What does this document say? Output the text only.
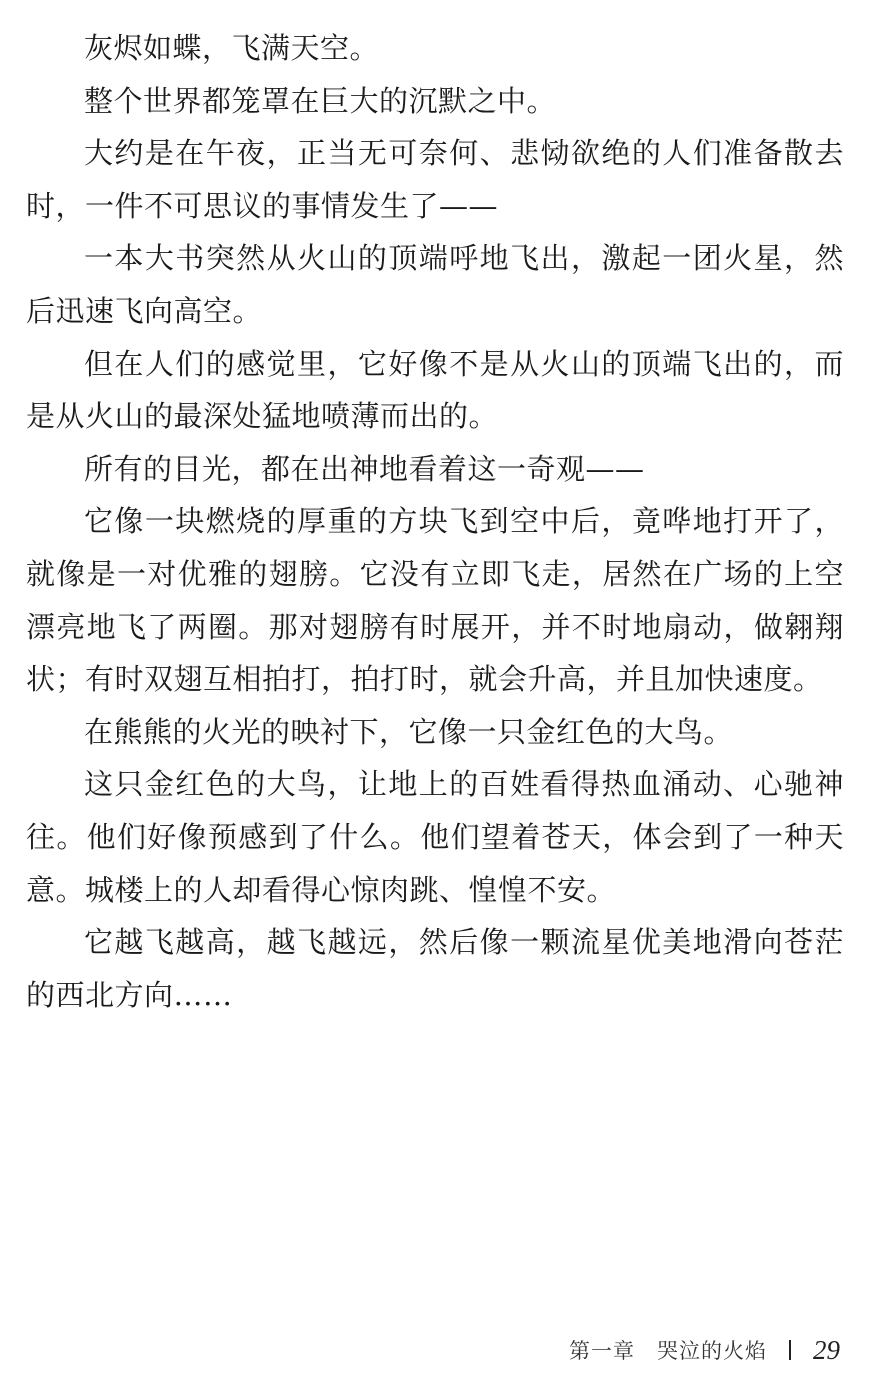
灰烬如蝶，飞满天空。

整个世界都笼罩在巨大的沉默之中。

大约是在午夜，正当无可奈何、悲恸欲绝的人们准备散去时，一件不可思议的事情发生了——

一本大书突然从火山的顶端呼地飞出，激起一团火星，然后迅速飞向高空。

但在人们的感觉里，它好像不是从火山的顶端飞出的，而是从火山的最深处猛地喷薄而出的。

所有的目光，都在出神地看着这一奇观——

它像一块燃烧的厚重的方块飞到空中后，竟哗地打开了，就像是一对优雅的翅膀。它没有立即飞走，居然在广场的上空漂亮地飞了两圈。那对翅膀有时展开，并不时地扇动，做翱翔状；有时双翅互相拍打，拍打时，就会升高，并且加快速度。

在熊熊的火光的映衬下，它像一只金红色的大鸟。

这只金红色的大鸟，让地上的百姓看得热血涌动、心驰神往。他们好像预感到了什么。他们望着苍天，体会到了一种天意。城楼上的人却看得心惊肉跳、惶惶不安。

它越飞越高，越飞越远，然后像一颗流星优美地滑向苍茫的西北方向……

第一章 哭泣的火焰 29
